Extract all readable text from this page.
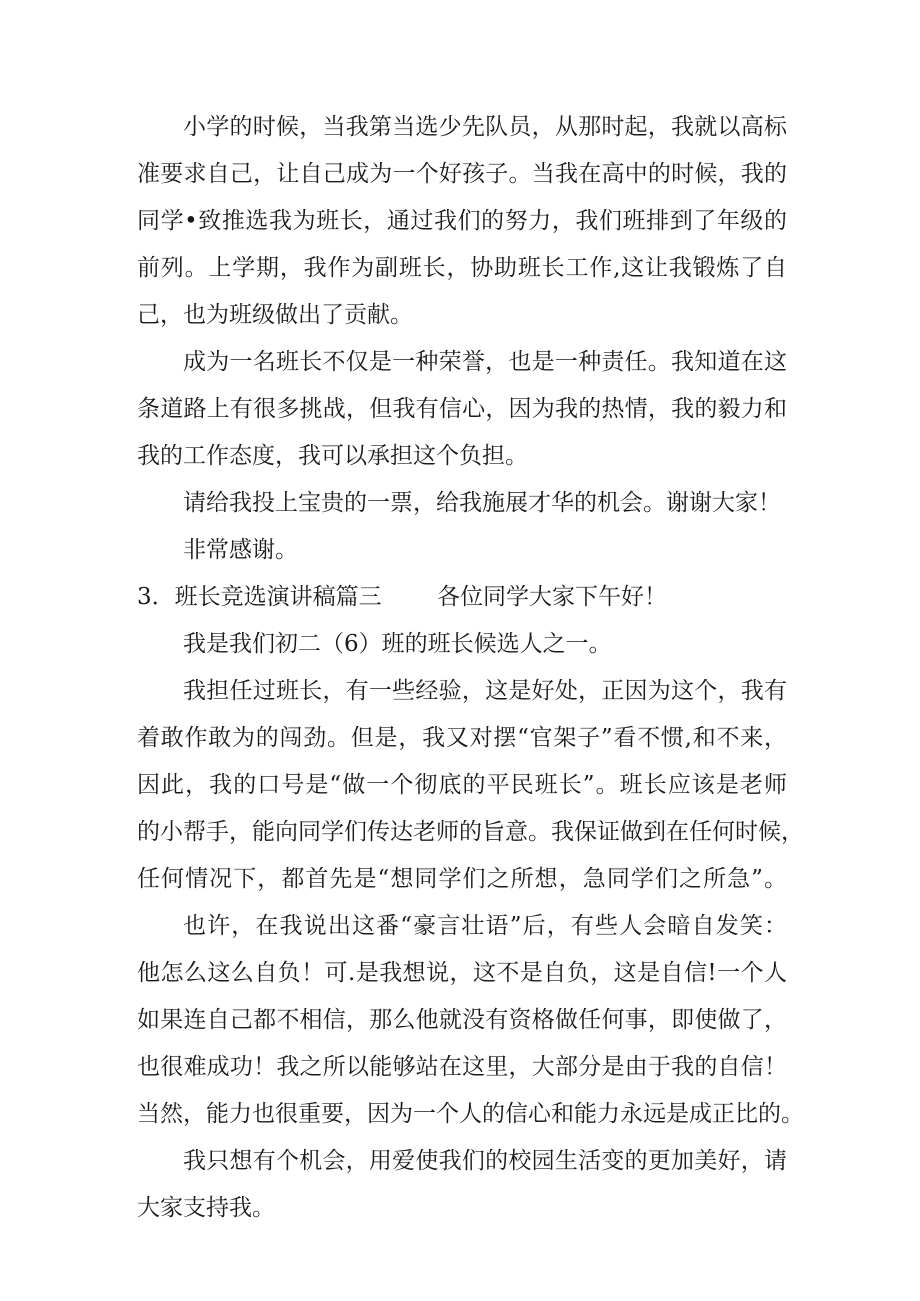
小学的时候，当我第当选少先队员，从那时起，我就以高标
准要求自己，让自己成为一个好孩子。当我在高中的时候，我的
同学•致推选我为班长，通过我们的努力，我们班排到了年级的
前列。上学期，我作为副班长，协助班长工作,这让我锻炼了自
己，也为班级做出了贡献。
成为一名班长不仅是一种荣誉，也是一种责任。我知道在这
条道路上有很多挑战，但我有信心，因为我的热情，我的毅力和
我的工作态度，我可以承担这个负担。
请给我投上宝贵的一票，给我施展才华的机会。谢谢大家！
非常感谢。
3．班长竞选演讲稿篇三	各位同学大家下午好！
我是我们初二（6）班的班长候选人之一。
我担任过班长，有一些经验，这是好处，正因为这个，我有
着敢作敢为的闯劲。但是，我又对摆“官架子”看不惯,和不来，
因此，我的口号是“做一个彻底的平民班长”。班长应该是老师
的小帮手，能向同学们传达老师的旨意。我保证做到在任何时候，
任何情况下，都首先是“想同学们之所想，急同学们之所急”。
也许，在我说出这番“豪言壮语”后，有些人会暗自发笑：
他怎么这么自负！可.是我想说，这不是自负，这是自信!一个人
如果连自己都不相信，那么他就没有资格做任何事，即使做了，
也很难成功！我之所以能够站在这里，大部分是由于我的自信！
当然，能力也很重要，因为一个人的信心和能力永远是成正比的。
我只想有个机会，用爱使我们的校园生活变的更加美好，请
大家支持我。
